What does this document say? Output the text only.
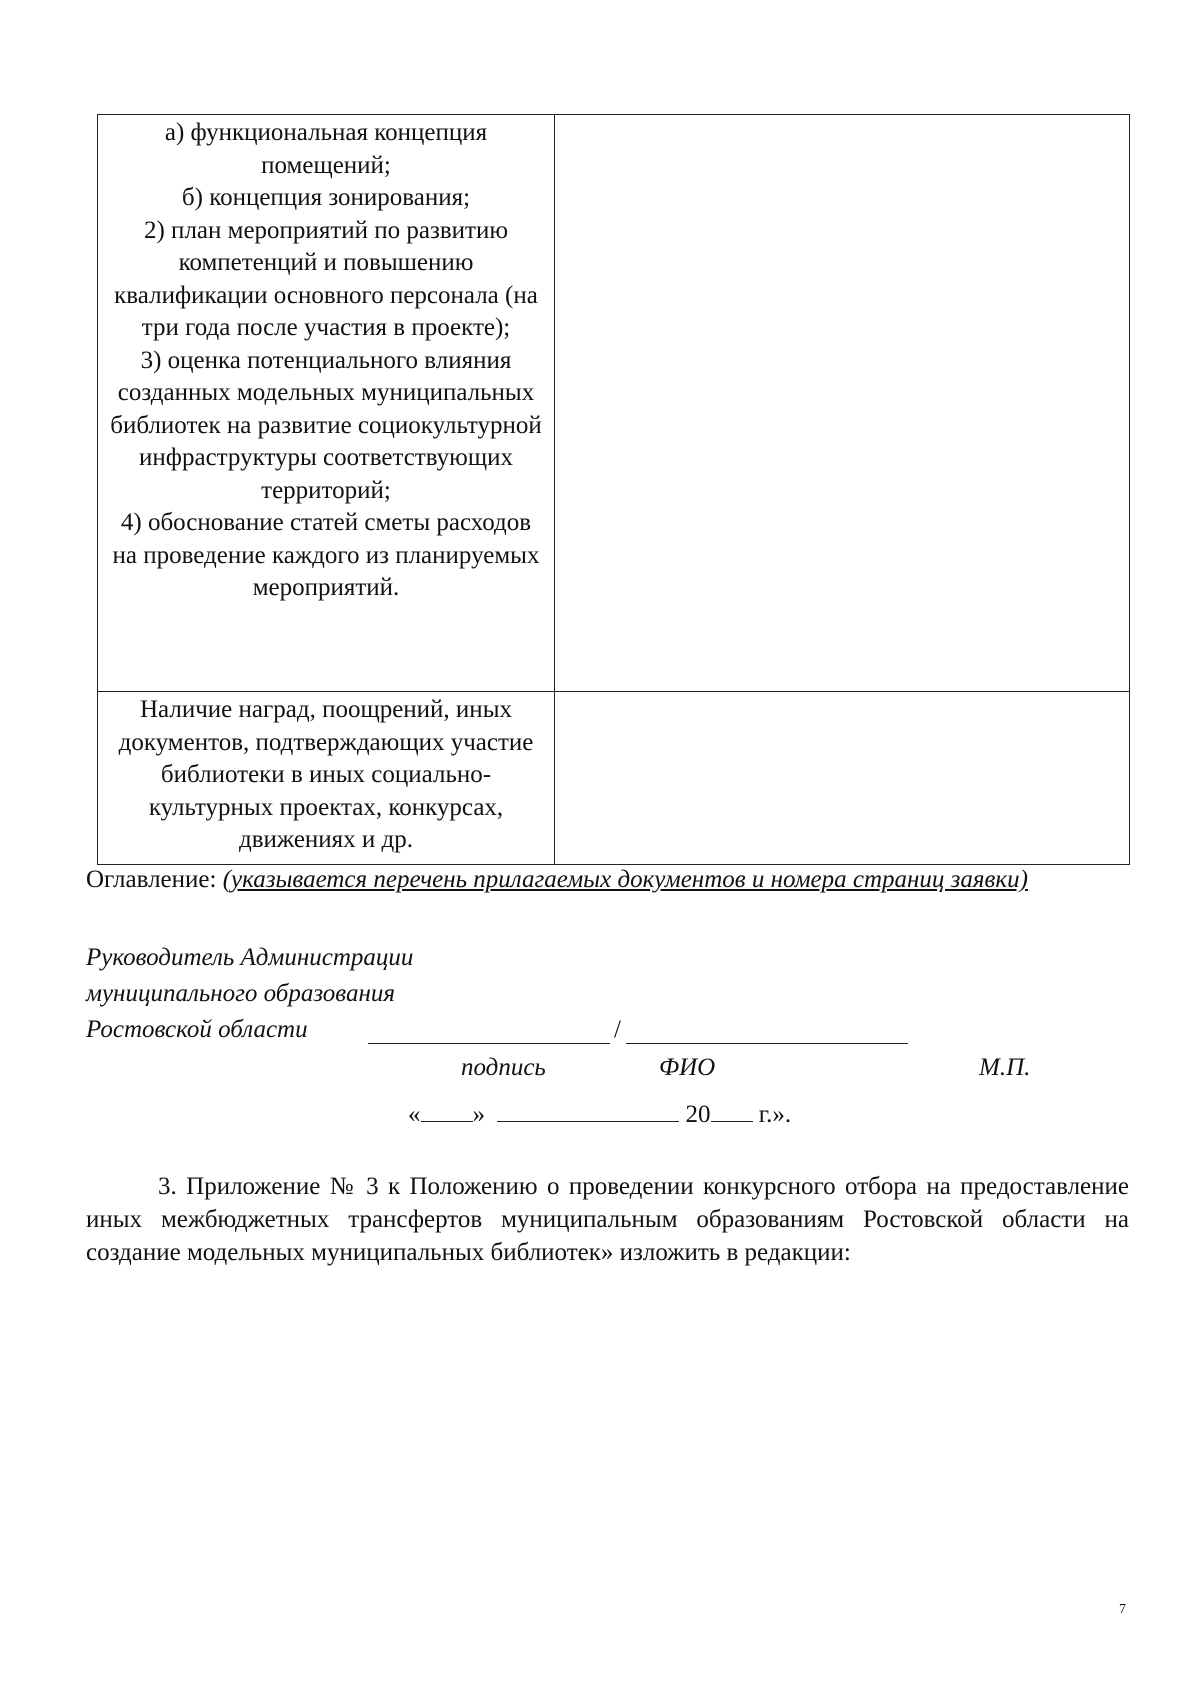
а) функциональная концепция помещений;
б) концепция зонирования;
2) план мероприятий по развитию компетенций и повышению квалификации основного персонала (на три года после участия в проекте);
3) оценка потенциального влияния созданных модельных муниципальных библиотек на развитие социокультурной инфраструктуры соответствующих территорий;
4) обоснование статей сметы расходов на проведение каждого из планируемых мероприятий.	

Наличие наград, поощрений, иных документов, подтверждающих участие библиотеки в иных социально-культурных проектах, конкурсах, движениях и др.	
Оглавление: (указывается перечень прилагаемых документов и номера страниц заявки)
Руководитель Администрации
муниципального образования
Ростовской области	/
подпись	ФИО	М.П.
« »	20 г.».
3. Приложение № 3 к Положению о проведении конкурсного отбора на предоставление иных межбюджетных трансфертов муниципальным образованиям Ростовской области на создание модельных муниципальных библиотек» изложить в редакции:
7
